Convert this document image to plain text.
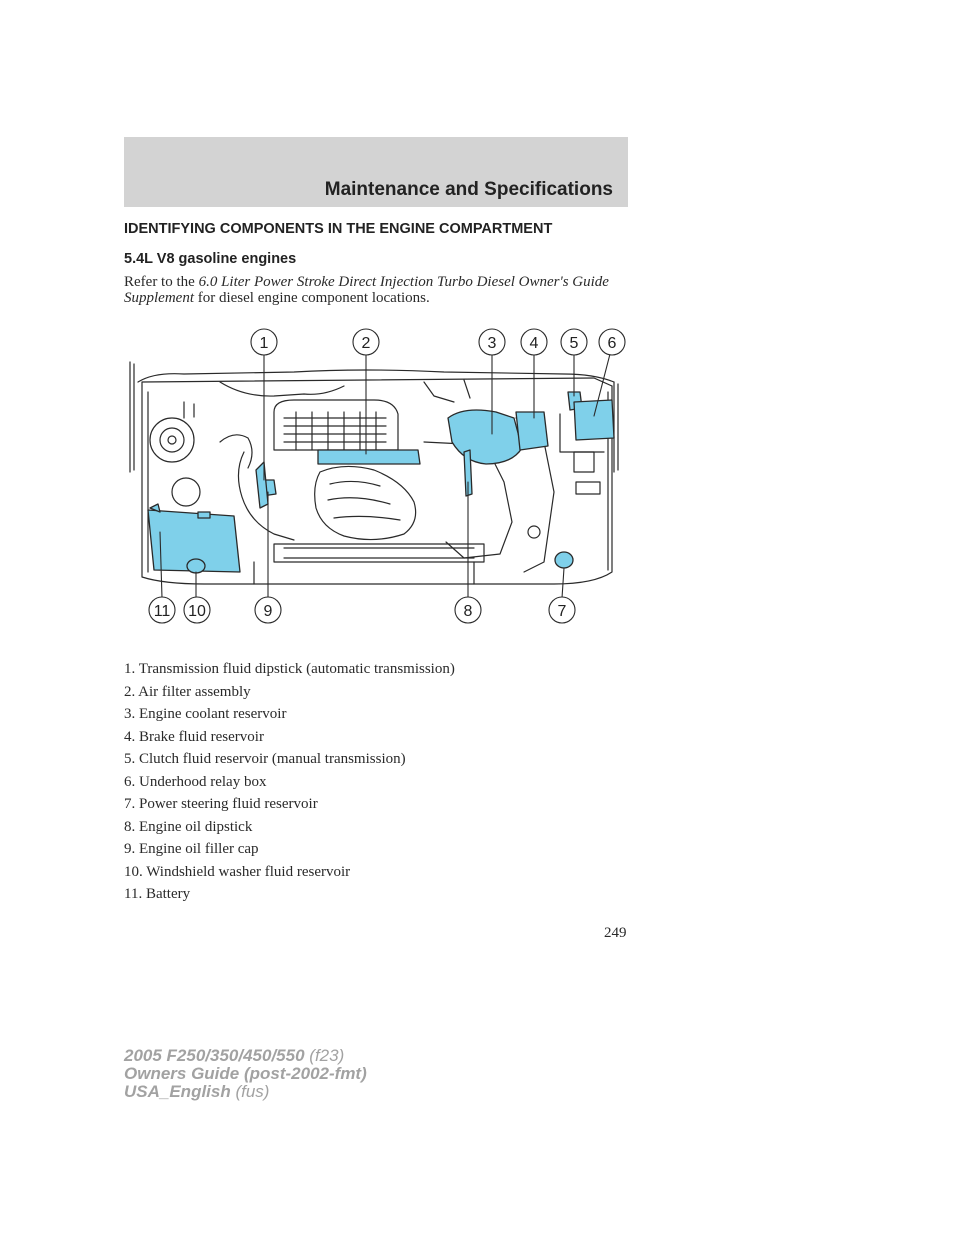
Maintenance and Specifications
IDENTIFYING COMPONENTS IN THE ENGINE COMPARTMENT
5.4L V8 gasoline engines
Refer to the 6.0 Liter Power Stroke Direct Injection Turbo Diesel Owner's Guide Supplement for diesel engine component locations.
1	2	3 4 5 6
11 10	9	8	7
1. Transmission fluid dipstick (automatic transmission)
2. Air filter assembly
3. Engine coolant reservoir
4. Brake fluid reservoir
5. Clutch fluid reservoir (manual transmission)
6. Underhood relay box
7. Power steering fluid reservoir
8. Engine oil dipstick
9. Engine oil filler cap
10. Windshield washer fluid reservoir
11. Battery
249
2005 F250/350/450/550 (f23)
Owners Guide (post-2002-fmt)
USA_English (fus)
